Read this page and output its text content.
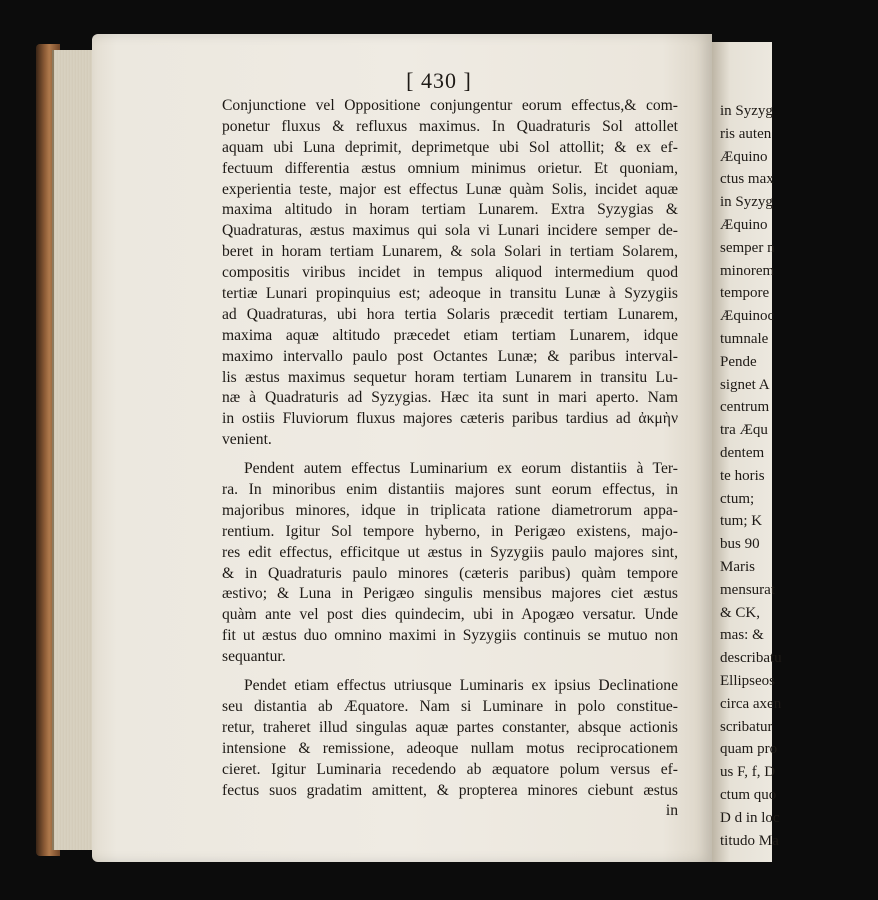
in Syzyg
ris auten
Æquino
ctus max
in Syzyg
Æquino
semper n
minorem
tempore
Æquinoc
tumnale
Pende
signet A
centrum
tra Æqu
dentem
te horis
ctum;
tum; K
bus 90
Maris
mensurat
& CK,
mas: &
describatu
Ellipseos
circa axen
scribatur
quam pro
us F, f, D
ctum quo
D d in loc
titudo Ma
[ 430 ]
Conjunctione vel Oppositione conjungentur eorum effectus,& com-
ponetur fluxus & refluxus maximus. In Quadraturis Sol attollet
aquam ubi Luna deprimit, deprimetque ubi Sol attollit; & ex ef-
fectuum differentia æstus omnium minimus orietur. Et quoniam,
experientia teste, major est effectus Lunæ quàm Solis, incidet aquæ
maxima altitudo in horam tertiam Lunarem. Extra Syzygias &
Quadraturas, æstus maximus qui sola vi Lunari incidere semper de-
beret in horam tertiam Lunarem, & sola Solari in tertiam Solarem,
compositis viribus incidet in tempus aliquod intermedium quod
tertiæ Lunari propinquius est; adeoque in transitu Lunæ à Syzygiis
ad Quadraturas, ubi hora tertia Solaris præcedit tertiam Lunarem,
maxima aquæ altitudo præcedet etiam tertiam Lunarem, idque
maximo intervallo paulo post Octantes Lunæ; & paribus interval-
lis æstus maximus sequetur horam tertiam Lunarem in transitu Lu-
næ à Quadraturis ad Syzygias. Hæc ita sunt in mari aperto. Nam
in ostiis Fluviorum fluxus majores cæteris paribus tardius ad ἀκμὴν
venient.
Pendent autem effectus Luminarium ex eorum distantiis à Ter-
ra. In minoribus enim distantiis majores sunt eorum effectus, in
majoribus minores, idque in triplicata ratione diametrorum appa-
rentium. Igitur Sol tempore hyberno, in Perigæo existens, majo-
res edit effectus, efficitque ut æstus in Syzygiis paulo majores sint,
& in Quadraturis paulo minores (cæteris paribus) quàm tempore
æstivo; & Luna in Perigæo singulis mensibus majores ciet æstus
quàm ante vel post dies quindecim, ubi in Apogæo versatur. Unde
fit ut æstus duo omnino maximi in Syzygiis continuis se mutuo non
sequantur.
Pendet etiam effectus utriusque Luminaris ex ipsius Declinatione
seu distantia ab Æquatore. Nam si Luminare in polo constitue-
retur, traheret illud singulas aquæ partes constanter, absque actionis
intensione & remissione, adeoque nullam motus reciprocationem
cieret. Igitur Luminaria recedendo ab æquatore polum versus ef-
fectus suos gradatim amittent, & propterea minores ciebunt æstus
in
